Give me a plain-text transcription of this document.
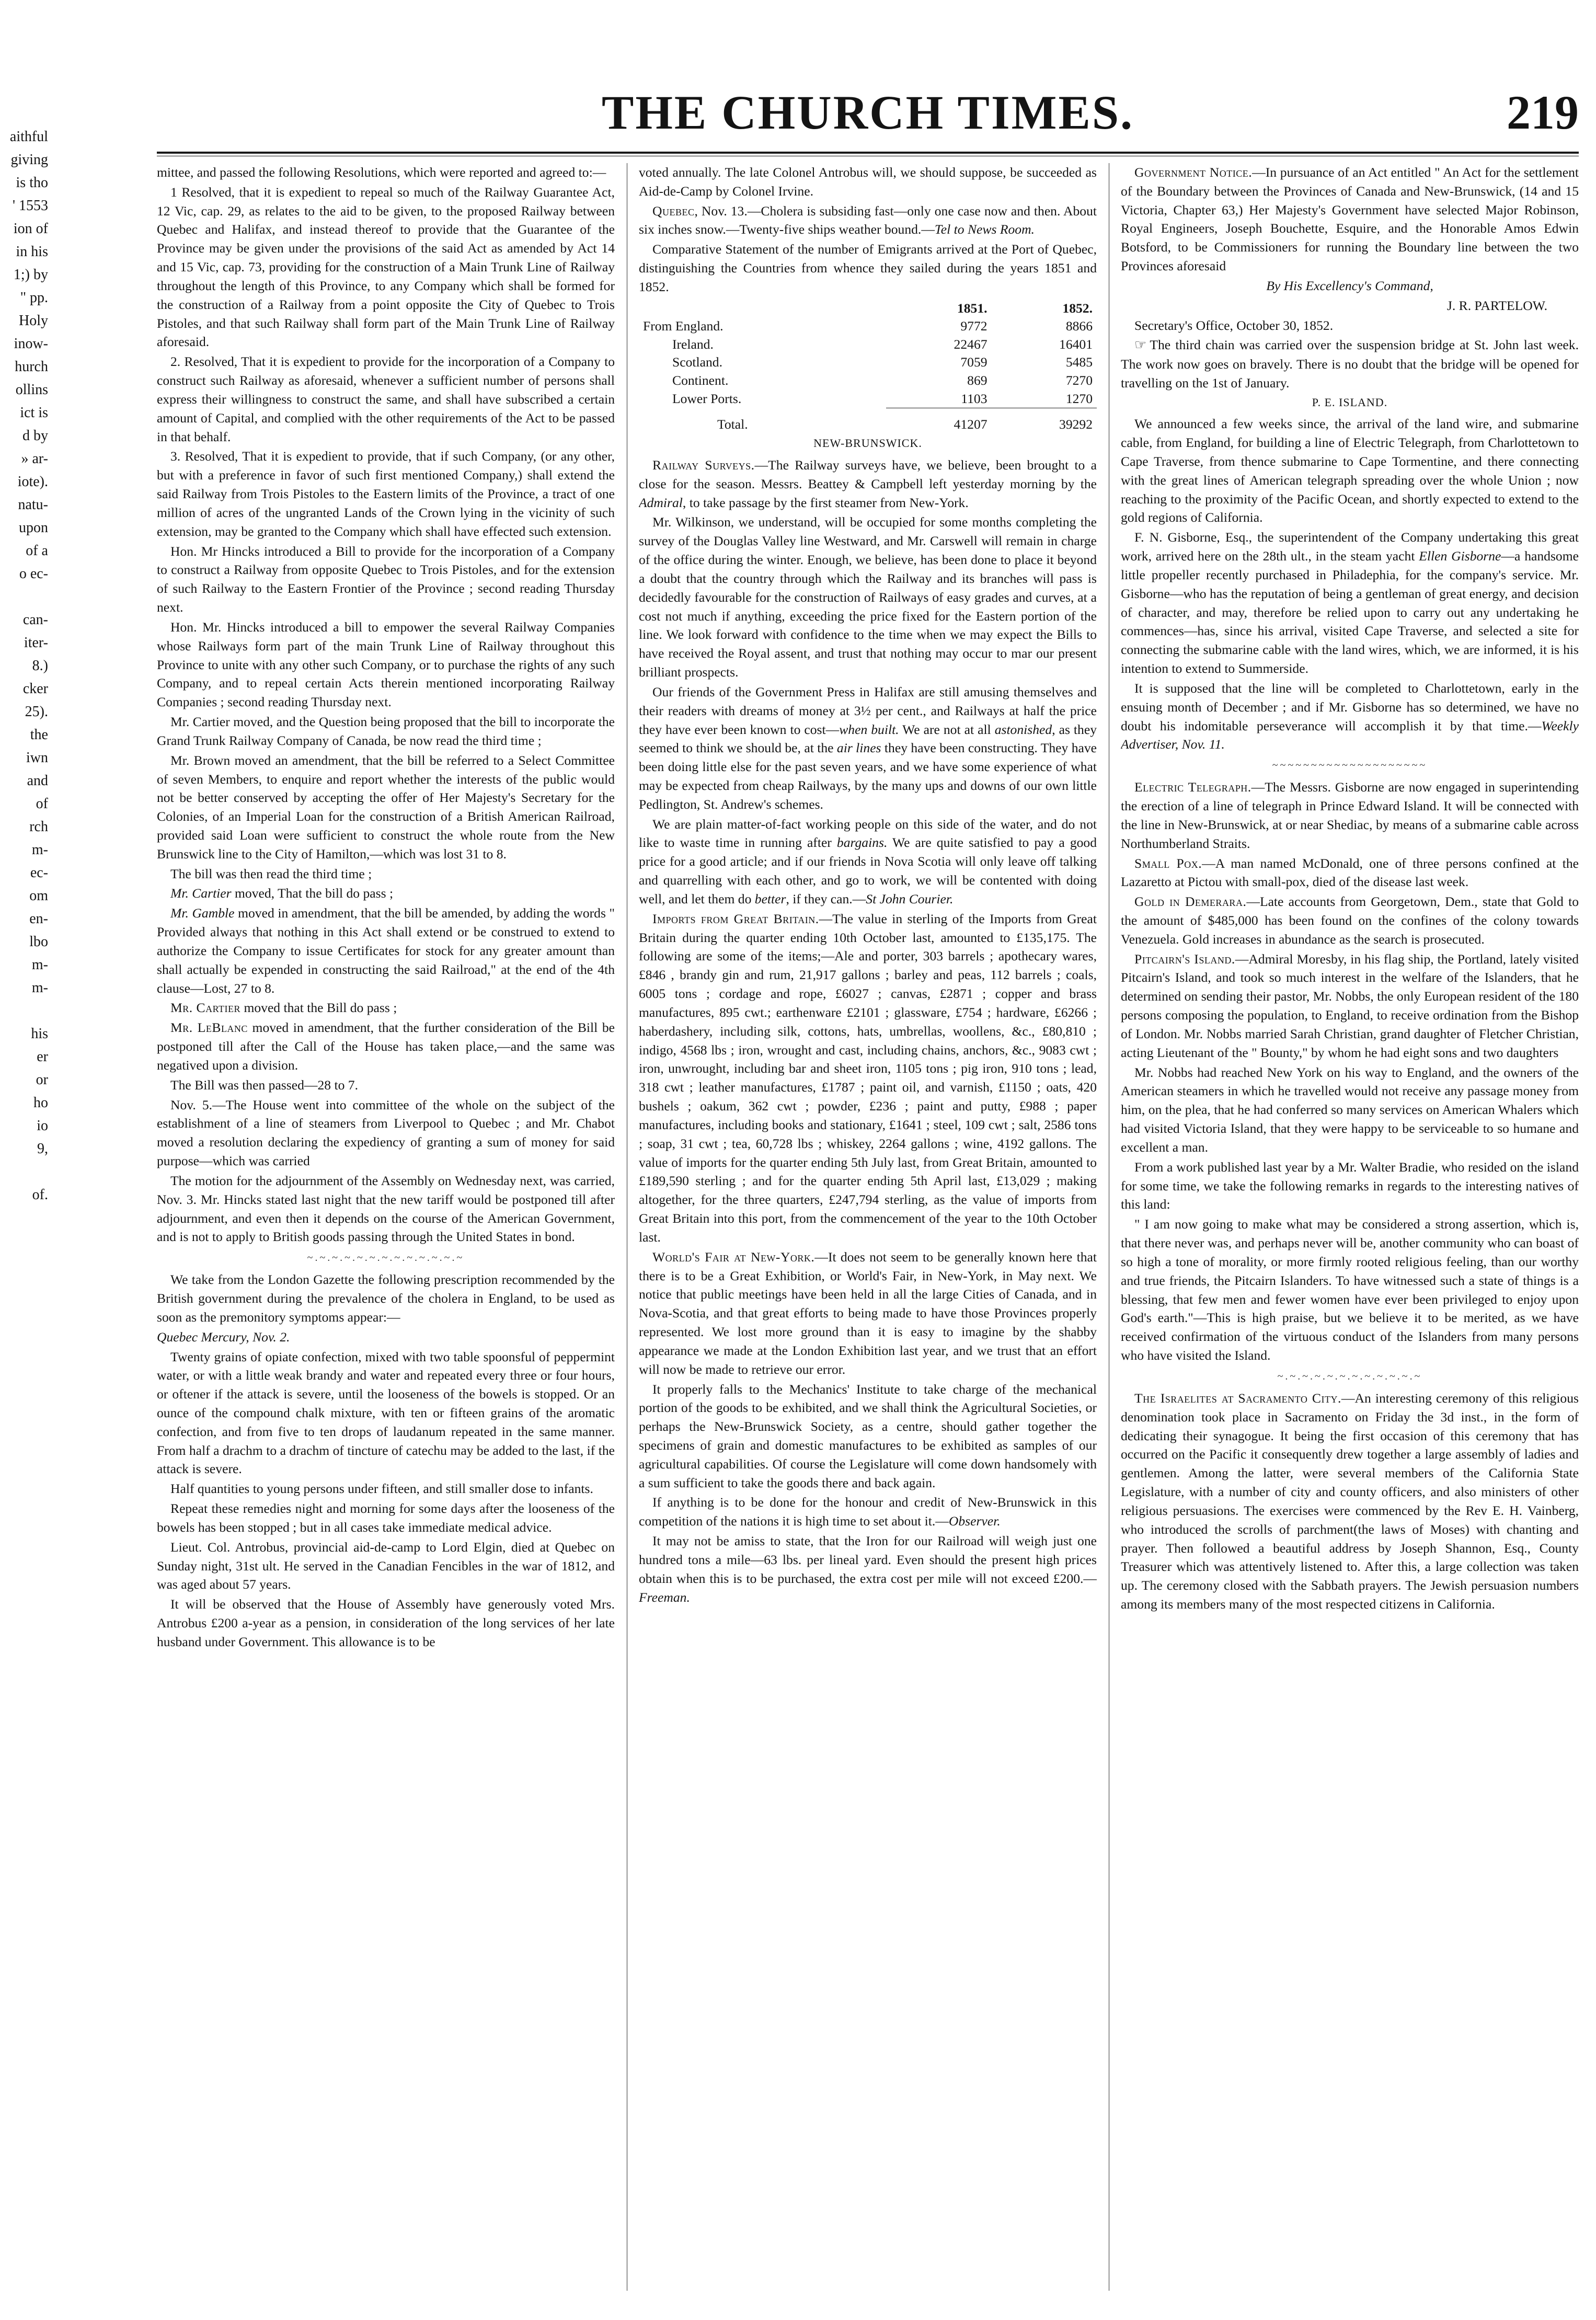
aithful
giving
is tho
' 1553
ion of
in his
1;) by
" pp.
Holy
inow-
hurch
ollins
ict is
d by
» ar-
iote).
natu-
upon
of a
o ec-
can-
iter-
8.)
cker
25).
the
iwn
and
of
rch
m-
ec-
om
en-
lbo
m-
m-
his
er
or
ho
io
9,
of.
THE CHURCH TIMES.	219

mittee, and passed the following Resolutions, which were reported and agreed to:—

1 Resolved, that it is expedient to repeal so much of the Railway Guarantee Act, 12 Vic, cap. 29, as relates to the aid to be given, to the proposed Railway between Quebec and Halifax, and instead thereof to provide that the Guarantee of the Province may be given under the provisions of the said Act as amended by Act 14 and 15 Vic, cap. 73, providing for the construction of a Main Trunk Line of Railway throughout the length of this Province, to any Company which shall be formed for the construction of a Railway from a point opposite the City of Quebec to Trois Pistoles, and that such Railway shall form part of the Main Trunk Line of Railway aforesaid.

2. Resolved, That it is expedient to provide for the incorporation of a Company to construct such Railway as aforesaid, whenever a sufficient number of persons shall express their willingness to construct the same, and shall have subscribed a certain amount of Capital, and complied with the other requirements of the Act to be passed in that behalf.

3. Resolved, That it is expedient to provide, that if such Company, (or any other, but with a preference in favor of such first mentioned Company,) shall extend the said Railway from Trois Pistoles to the Eastern limits of the Province, a tract of one million of acres of the ungranted Lands of the Crown lying in the vicinity of such extension, may be granted to the Company which shall have effected such extension.

Hon. Mr Hincks introduced a Bill to provide for the incorporation of a Company to construct a Railway from opposite Quebec to Trois Pistoles, and for the extension of such Railway to the Eastern Frontier of the Province ; second reading Thursday next.

Hon. Mr. Hincks introduced a bill to empower the several Railway Companies whose Railways form part of the main Trunk Line of Railway throughout this Province to unite with any other such Company, or to purchase the rights of any such Company, and to repeal certain Acts therein mentioned incorporating Railway Companies ; second reading Thursday next.

Mr. Cartier moved, and the Question being proposed that the bill to incorporate the Grand Trunk Railway Company of Canada, be now read the third time ;

Mr. Brown moved an amendment, that the bill be referred to a Select Committee of seven Members, to enquire and report whether the interests of the public would not be better conserved by accepting the offer of Her Majesty's Secretary for the Colonies, of an Imperial Loan for the construction of a British American Railroad, provided said Loan were sufficient to construct the whole route from the New Brunswick line to the City of Hamilton,—which was lost 31 to 8.

The bill was then read the third time ;

Mr. Cartier moved, That the bill do pass ;

Mr. Gamble moved in amendment, that the bill be amended, by adding the words " Provided always that nothing in this Act shall extend or be construed to extend to authorize the Company to issue Certificates for stock for any greater amount than shall actually be expended in constructing the said Railroad," at the end of the 4th clause—Lost, 27 to 8.

Mr. Cartier moved that the Bill do pass ;

Mr. LeBlanc moved in amendment, that the further consideration of the Bill be postponed till after the Call of the House has taken place,—and the same was negatived upon a division.

The Bill was then passed—28 to 7.

Nov. 5.—The House went into committee of the whole on the subject of the establishment of a line of steamers from Liverpool to Quebec ; and Mr. Chabot moved a resolution declaring the expediency of granting a sum of money for said purpose—which was carried

The motion for the adjournment of the Assembly on Wednesday next, was carried, Nov. 3. Mr. Hincks stated last night that the new tariff would be postponed till after adjournment, and even then it depends on the course of the American Government, and is not to apply to British goods passing through the United States in bond.

~.~.~.~.~.~.~.~.~.~.~.~.~

We take from the London Gazette the following prescription recommended by the British government during the prevalence of the cholera in England, to be used as soon as the premonitory symptoms appear:—

Quebec Mercury, Nov. 2.

Twenty grains of opiate confection, mixed with two table spoonsful of peppermint water, or with a little weak brandy and water and repeated every three or four hours, or oftener if the attack is severe, until the looseness of the bowels is stopped. Or an ounce of the compound chalk mixture, with ten or fifteen grains of the aromatic confection, and from five to ten drops of laudanum repeated in the same manner. From half a drachm to a drachm of tincture of catechu may be added to the last, if the attack is severe.

Half quantities to young persons under fifteen, and still smaller dose to infants.

Repeat these remedies night and morning for some days after the looseness of the bowels has been stopped ; but in all cases take immediate medical advice.

Lieut. Col. Antrobus, provincial aid-de-camp to Lord Elgin, died at Quebec on Sunday night, 31st ult. He served in the Canadian Fencibles in the war of 1812, and was aged about 57 years.

It will be observed that the House of Assembly have generously voted Mrs. Antrobus £200 a-year as a pension, in consideration of the long services of her late husband under Government. This allowance is to be

voted annually. The late Colonel Antrobus will, we should suppose, be succeeded as Aid-de-Camp by Colonel Irvine.

Quebec, Nov. 13.—Cholera is subsiding fast—only one case now and then. About six inches snow.—Twenty-five ships weather bound.—Tel to News Room.

Comparative Statement of the number of Emigrants arrived at the Port of Quebec, distinguishing the Countries from whence they sailed during the years 1851 and 1852.

	1851.	1852.
From England.	9772	8866
Ireland.	22467	16401
Scotland.	7059	5485
Continent.	869	7270
Lower Ports.	1103	1270

Total.	41207	39292
NEW-BRUNSWICK.

Railway Surveys.—The Railway surveys have, we believe, been brought to a close for the season. Messrs. Beattey & Campbell left yesterday morning by the Admiral, to take passage by the first steamer from New-York.

Mr. Wilkinson, we understand, will be occupied for some months completing the survey of the Douglas Valley line Westward, and Mr. Carswell will remain in charge of the office during the winter. Enough, we believe, has been done to place it beyond a doubt that the country through which the Railway and its branches will pass is decidedly favourable for the construction of Railways of easy grades and curves, at a cost not much if anything, exceeding the price fixed for the Eastern portion of the line. We look forward with confidence to the time when we may expect the Bills to have received the Royal assent, and trust that nothing may occur to mar our present brilliant prospects.

Our friends of the Government Press in Halifax are still amusing themselves and their readers with dreams of money at 3½ per cent., and Railways at half the price they have ever been known to cost—when built. We are not at all astonished, as they seemed to think we should be, at the air lines they have been constructing. They have been doing little else for the past seven years, and we have some experience of what may be expected from cheap Railways, by the many ups and downs of our own little Pedlington, St. Andrew's schemes.

We are plain matter-of-fact working people on this side of the water, and do not like to waste time in running after bargains. We are quite satisfied to pay a good price for a good article; and if our friends in Nova Scotia will only leave off talking and quarrelling with each other, and go to work, we will be contented with doing well, and let them do better, if they can.—St John Courier.

Imports from Great Britain.—The value in sterling of the Imports from Great Britain during the quarter ending 10th October last, amounted to £135,175. The following are some of the items;—Ale and porter, 303 barrels ; apothecary wares, £846 , brandy gin and rum, 21,917 gallons ; barley and peas, 112 barrels ; coals, 6005 tons ; cordage and rope, £6027 ; canvas, £2871 ; copper and brass manufactures, 895 cwt.; earthenware £2101 ; glassware, £754 ; hardware, £6266 ; haberdashery, including silk, cottons, hats, umbrellas, woollens, &c., £80,810 ; indigo, 4568 lbs ; iron, wrought and cast, including chains, anchors, &c., 9083 cwt ; iron, unwrought, including bar and sheet iron, 1105 tons ; pig iron, 910 tons ; lead, 318 cwt ; leather manufactures, £1787 ; paint oil, and varnish, £1150 ; oats, 420 bushels ; oakum, 362 cwt ; powder, £236 ; paint and putty, £988 ; paper manufactures, including books and stationary, £1641 ; steel, 109 cwt ; salt, 2586 tons ; soap, 31 cwt ; tea, 60,728 lbs ; whiskey, 2264 gallons ; wine, 4192 gallons. The value of imports for the quarter ending 5th July last, from Great Britain, amounted to £189,590 sterling ; and for the quarter ending 5th April last, £13,029 ; making altogether, for the three quarters, £247,794 sterling, as the value of imports from Great Britain into this port, from the commencement of the year to the 10th October last.

World's Fair at New-York.—It does not seem to be generally known here that there is to be a Great Exhibition, or World's Fair, in New-York, in May next. We notice that public meetings have been held in all the large Cities of Canada, and in Nova-Scotia, and that great efforts to being made to have those Provinces properly represented. We lost more ground than it is easy to imagine by the shabby appearance we made at the London Exhibition last year, and we trust that an effort will now be made to retrieve our error.

It properly falls to the Mechanics' Institute to take charge of the mechanical portion of the goods to be exhibited, and we shall think the Agricultural Societies, or perhaps the New-Brunswick Society, as a centre, should gather together the specimens of grain and domestic manufactures to be exhibited as samples of our agricultural capabilities. Of course the Legislature will come down handsomely with a sum sufficient to take the goods there and back again.

If anything is to be done for the honour and credit of New-Brunswick in this competition of the nations it is high time to set about it.—Observer.

It may not be amiss to state, that the Iron for our Railroad will weigh just one hundred tons a mile—63 lbs. per lineal yard. Even should the present high prices obtain when this is to be purchased, the extra cost per mile will not exceed £200.—Freeman.

Government Notice.—In pursuance of an Act entitled " An Act for the settlement of the Boundary between the Provinces of Canada and New-Brunswick, (14 and 15 Victoria, Chapter 63,) Her Majesty's Government have selected Major Robinson, Royal Engineers, Joseph Bouchette, Esquire, and the Honorable Amos Edwin Botsford, to be Commissioners for running the Boundary line between the two Provinces aforesaid

By His Excellency's Command,

J. R. PARTELOW.

Secretary's Office, October 30, 1852.

☞ The third chain was carried over the suspension bridge at St. John last week. The work now goes on bravely. There is no doubt that the bridge will be opened for travelling on the 1st of January.

P. E. ISLAND.

We announced a few weeks since, the arrival of the land wire, and submarine cable, from England, for building a line of Electric Telegraph, from Charlottetown to Cape Traverse, from thence submarine to Cape Tormentine, and there connecting with the great lines of American telegraph spreading over the whole Union ; now reaching to the proximity of the Pacific Ocean, and shortly expected to extend to the gold regions of California.

F. N. Gisborne, Esq., the superintendent of the Company undertaking this great work, arrived here on the 28th ult., in the steam yacht Ellen Gisborne—a handsome little propeller recently purchased in Philadephia, for the company's service. Mr. Gisborne—who has the reputation of being a gentleman of great energy, and decision of character, and may, therefore be relied upon to carry out any undertaking he commences—has, since his arrival, visited Cape Traverse, and selected a site for connecting the submarine cable with the land wires, which, we are informed, it is his intention to extend to Summerside.

It is supposed that the line will be completed to Charlottetown, early in the ensuing month of December ; and if Mr. Gisborne has so determined, we have no doubt his indomitable perseverance will accomplish it by that time.—Weekly Advertiser, Nov. 11.

~~~~~~~~~~~~~~~~~~~~

Electric Telegraph.—The Messrs. Gisborne are now engaged in superintending the erection of a line of telegraph in Prince Edward Island. It will be connected with the line in New-Brunswick, at or near Shediac, by means of a submarine cable across Northumberland Straits.

Small Pox.—A man named McDonald, one of three persons confined at the Lazaretto at Pictou with small-pox, died of the disease last week.

Gold in Demerara.—Late accounts from Georgetown, Dem., state that Gold to the amount of $485,000 has been found on the confines of the colony towards Venezuela. Gold increases in abundance as the search is prosecuted.

Pitcairn's Island.—Admiral Moresby, in his flag ship, the Portland, lately visited Pitcairn's Island, and took so much interest in the welfare of the Islanders, that he determined on sending their pastor, Mr. Nobbs, the only European resident of the 180 persons composing the population, to England, to receive ordination from the Bishop of London. Mr. Nobbs married Sarah Christian, grand daughter of Fletcher Christian, acting Lieutenant of the " Bounty," by whom he had eight sons and two daughters

Mr. Nobbs had reached New York on his way to England, and the owners of the American steamers in which he travelled would not receive any passage money from him, on the plea, that he had conferred so many services on American Whalers which had visited Victoria Island, that they were happy to be serviceable to so humane and excellent a man.

From a work published last year by a Mr. Walter Bradie, who resided on the island for some time, we take the following remarks in regards to the interesting natives of this land:

" I am now going to make what may be considered a strong assertion, which is, that there never was, and perhaps never will be, another community who can boast of so high a tone of morality, or more firmly rooted religious feeling, than our worthy and true friends, the Pitcairn Islanders. To have witnessed such a state of things is a blessing, that few men and fewer women have ever been privileged to enjoy upon God's earth."—This is high praise, but we believe it to be merited, as we have received confirmation of the virtuous conduct of the Islanders from many persons who have visited the Island.

~.~.~.~.~.~.~.~.~.~.~.~

The Israelites at Sacramento City.—An interesting ceremony of this religious denomination took place in Sacramento on Friday the 3d inst., in the form of dedicating their synagogue. It being the first occasion of this ceremony that has occurred on the Pacific it consequently drew together a large assembly of ladies and gentlemen. Among the latter, were several members of the California State Legislature, with a number of city and county officers, and also ministers of other religious persuasions. The exercises were commenced by the Rev E. H. Vainberg, who introduced the scrolls of parchment(the laws of Moses) with chanting and prayer. Then followed a beautiful address by Joseph Shannon, Esq., County Treasurer which was attentively listened to. After this, a large collection was taken up. The ceremony closed with the Sabbath prayers. The Jewish persuasion numbers among its members many of the most respected citizens in California.
